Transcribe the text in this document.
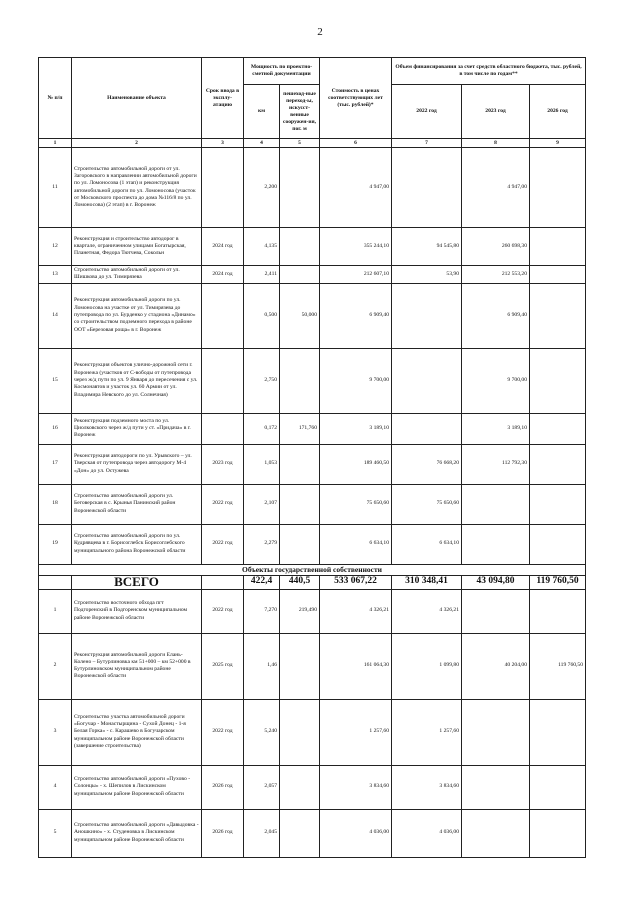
2
№ п/п	Наименование объекта	Срок ввода в эксплу-атацию	Мощность по проектно-сметной документации		Стоимость в ценах соответствующих лет (тыс. рублей)*	Объем финансирования за счет средств областного бюджета, тыс. рублей, в том числе по годам**		
			км	пешеход-ные переход-ы, искусст-венные сооружен-ия, пог. м		2022 год	2023 год	2026 год
1	2	3	4	5	6	7	8	9
11	Строительство автомобильной дороги от ул. Загоровского в направлении автомобильной дороги по ул. Ломоносова (1 этап) и реконструкция автомобильной дороги по ул. Ломоносова (участок от Московского проспекта до дома №116/8 по ул. Ломоносова) (2 этап) в г. Воронеж		2,200		4 947,00		4 947,00	
12	Реконструкция и строительство автодорог в квартале, ограниченном улицами Богатырская, Планетная, Федора Тютчева, Сокольн	2024 год	4,135		355 244,10	94 545,80	260 698,30	
13	Строительство автомобильной дороги от ул. Шишкова до ул. Тимирязева	2024 год	2,411		212 607,10	53,90	212 553,20	
14	Реконструкция автомобильной дороги по ул. Ломоносова на участке от ул. Тимирязева до путепровода по ул. Бурденко у стадиона «Динамо» со строительством подземного перехода в районе ООТ «Березовая роща» в г. Воронеж		0,500	50,000	6 909,40		6 909,40	
15	Реконструкция объектов улично-дорожной сети г. Воронежа (участков от С-вободы от путепровода через ж/д пути по ул. 9 Января до пересечения с ул. Космонавтов и участок ул. 60 Армии от ул. Владимира Невского до ул. Солнечная)		2,750		9 700,00		9 700,00	
16	Реконструкция подземного моста по ул. Циолковского через ж/д пути у ст. «Придача» в г. Воронеж		0,172	171,760	3 189,10		3 189,10	
17	Реконструкция автодороги по ул. Урывского – ул. Тверская от путепровода через автодорогу М-4 «Дон» до ул. Остужева	2023 год	1,053		189 460,50	76 668,20	112 792,30	
18	Строительство автомобильной дороги ул. Беговерская в с. Крынья Панинский район Воронежской области	2022 год	2,107		75 650,60	75 650,60		
19	Строительство автомобильной дороги по ул. Кудрявцева в г. Борисоглебск Борисоглебского муниципального района Воронежской области	2022 год	2,279		6 634,10	6 634,10		
Объекты государственной собственности								
	ВСЕГО		422,4	440,5	533 067,22	310 348,41	43 094,80	119 760,50
1	Строительство восточного обхода пгт Подгоренский в Подгоренском муниципальном районе Воронежской области	2022 год	7,270	219,490	4 326,21	4 326,21		
2	Реконструкция автомобильной дороги Елань-Колено – Бутурлиновка км 51+000 – км 52+000 в Бутурлиновском муниципальном районе Воронежской области	2025 год	1,46		161 064,30	1 099,80	40 204,00	119 760,50
3	Строительство участка автомобильной дороги «Богучар - Монастырщина - Сухой Донец - 1-я Белая Горка» - с. Карашево в Богучарском муниципальном районе Воронежской области (завершение строительства)	2022 год	5,240		1 257,60	1 257,60		
4	Строительство автомобильной дороги «Пухово - Солонцы» - х. Шепилов в Лискинском муниципальном районе Воронежской области	2026 год	2,057		3 834,60	3 834,60		
5	Строительство автомобильной дороги «Давыдовка - Аношкино» - х. Студеновка в Лискинском муниципальном районе Воронежской области	2026 год	2,045		4 036,00	4 036,00		
